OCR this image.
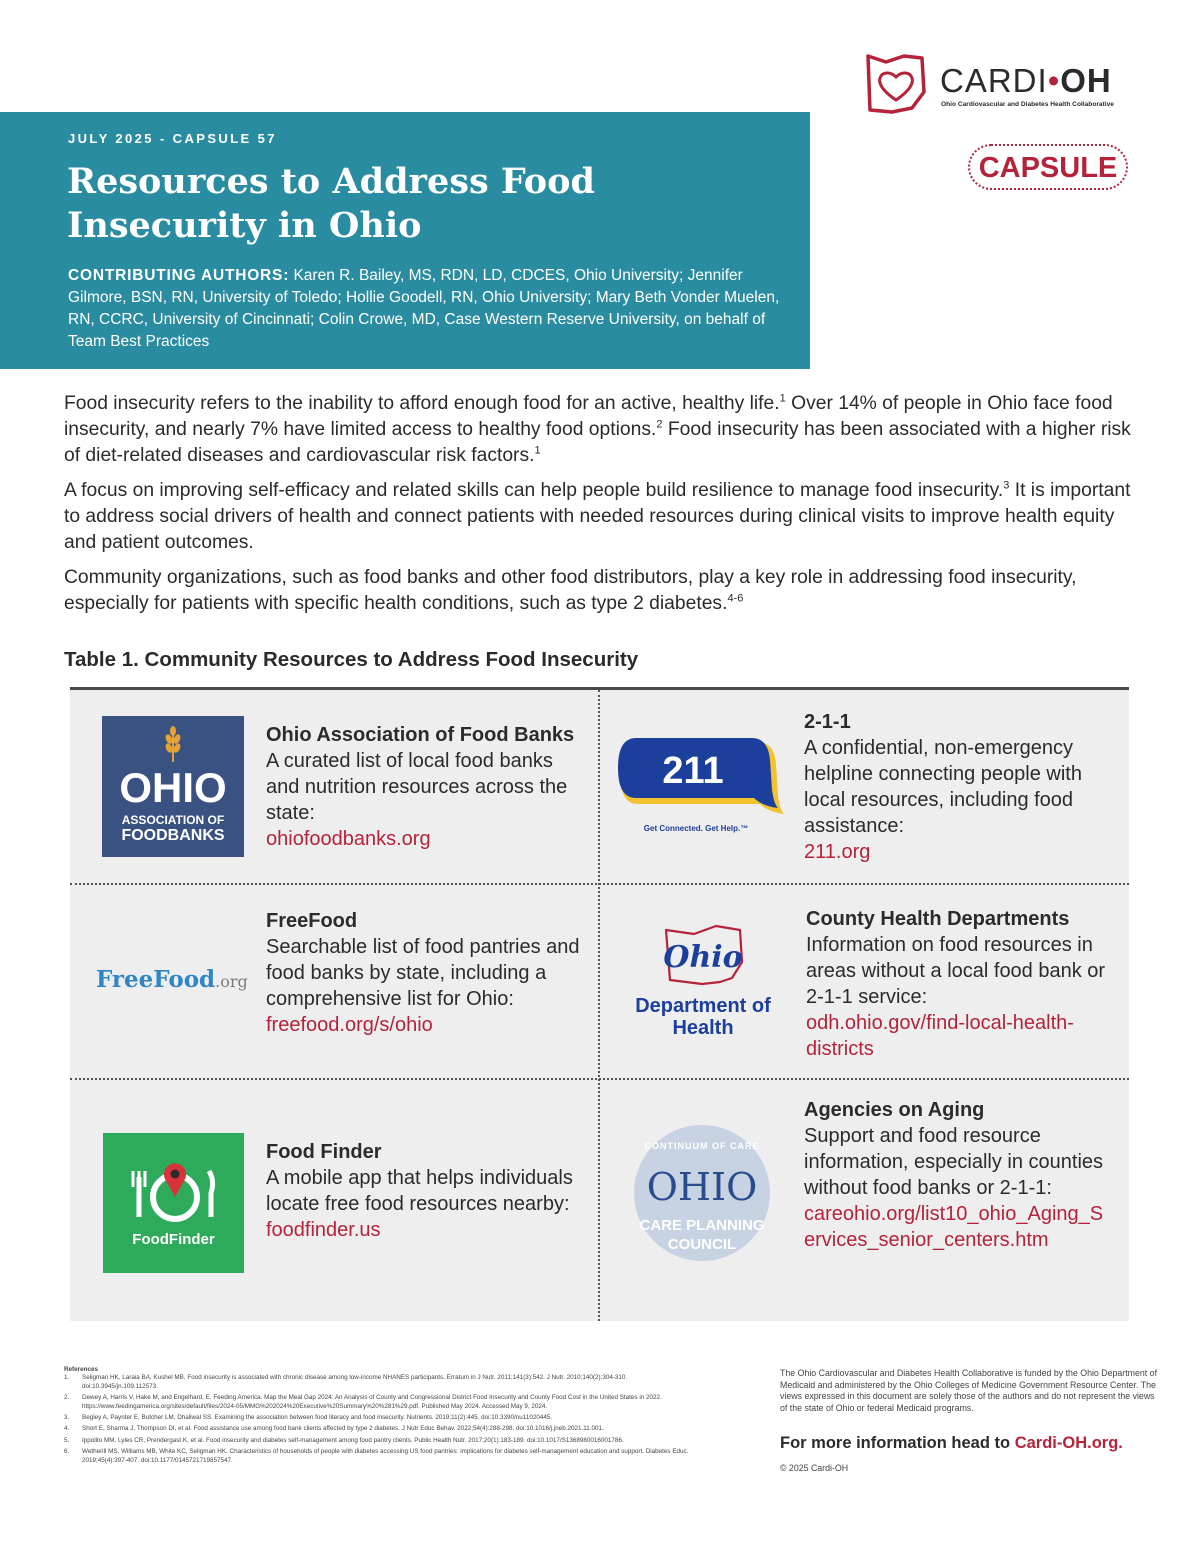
CARDI•OH
Ohio Cardiovascular and Diabetes Health Collaborative
CAPSULE
JULY 2025 - CAPSULE 57
Resources to Address Food
Insecurity in Ohio
CONTRIBUTING AUTHORS: Karen R. Bailey, MS, RDN, LD, CDCES, Ohio University; Jennifer Gilmore, BSN, RN, University of Toledo; Hollie Goodell, RN, Ohio University; Mary Beth Vonder Muelen, RN, CCRC, University of Cincinnati; Colin Crowe, MD, Case Western Reserve University, on behalf of Team Best Practices
Food insecurity refers to the inability to afford enough food for an active, healthy life.$^1$ Over 14% of people in Ohio face food insecurity, and nearly 7% have limited access to healthy food options.$^2$ Food insecurity has been associated with a higher risk of diet-related diseases and cardiovascular risk factors.$^1$
A focus on improving self-efficacy and related skills can help people build resilience to manage food insecurity.$^3$ It is important to address social drivers of health and connect patients with needed resources during clinical visits to improve health equity and patient outcomes.
Community organizations, such as food banks and other food distributors, play a key role in addressing food insecurity, especially for patients with specific health conditions, such as type 2 diabetes.$^{4-6}$
Table 1. Community Resources to Address Food Insecurity
OHIO
ASSOCIATION OF
FOODBANKS
Ohio Association of Food Banks
A curated list of local food banks and nutrition resources across the state:
ohiofoodbanks.org
211
Get Connected. Get Help.™
2-1-1
A confidential, non-emergency helpline connecting people with local resources, including food assistance:
211.org
FreeFood.org
FreeFood
Searchable list of food pantries and food banks by state, including a comprehensive list for Ohio:
freefood.org/s/ohio
Ohio
Department of
Health
County Health Departments
Information on food resources in areas without a local food bank or 2-1-1 service:
odh.ohio.gov/find-local-health-districts
FoodFinder
Food Finder
A mobile app that helps individuals locate free food resources nearby:
foodfinder.us
CONTINUUM OF CARE
OHIO
CARE PLANNING
COUNCIL
Agencies on Aging
Support and food resource information, especially in counties without food banks or 2-1-1:
careohio.org/list10_ohio_Aging_Services_senior_centers.htm
References
1. Seligman HK, Laraia BA, Kushel MB. Food insecurity is associated with chronic disease among low-income NHANES participants. Erratum in J Nutr. 2011;141(3):542. J Nutr. 2010;140(2):304-310. doi:10.3945/jn.109.112573.
2. Dewey A, Harris V, Hake M, and Engelhard, E. Feeding America. Map the Meal Gap 2024: An Analysis of County and Congressional District Food Insecurity and County Food Cost in the United States in 2022. https://www.feedingamerica.org/sites/default/files/2024-05/MMG%202024%20Executive%20Summary%20%281%29.pdf. Published May 2024. Accessed May 9, 2024.
3. Begley A, Paynter E, Butcher LM, Dhaliwal SS. Examining the association between food literacy and food insecurity. Nutrients. 2019;11(2):445. doi:10.3390/nu11020445.
4. Short E, Sharma J, Thompson DI, et al. Food assistance use among food bank clients affected by type 2 diabetes. J Nutr Educ Behav. 2022;54(4):288-298. doi:10.1016/j.jneb.2021.11.001.
5. Ippolito MM, Lyles CR, Prendergast K, et al. Food insecurity and diabetes self-management among food pantry clients. Public Health Nutr. 2017;20(1):183-189. doi:10.1017/S1368980016001786.
6. Wetherill MS, Williams MB, White KC, Seligman HK. Characteristics of households of people with diabetes accessing US food pantries: implications for diabetes self-management education and support. Diabetes Educ. 2019;45(4):397-407. doi:10.1177/0145721719857547.
The Ohio Cardiovascular and Diabetes Health Collaborative is funded by the Ohio Department of Medicaid and administered by the Ohio Colleges of Medicine Government Resource Center. The views expressed in this document are solely those of the authors and do not represent the views of the state of Ohio or federal Medicaid programs.
For more information head to Cardi-OH.org.
© 2025 Cardi-OH
